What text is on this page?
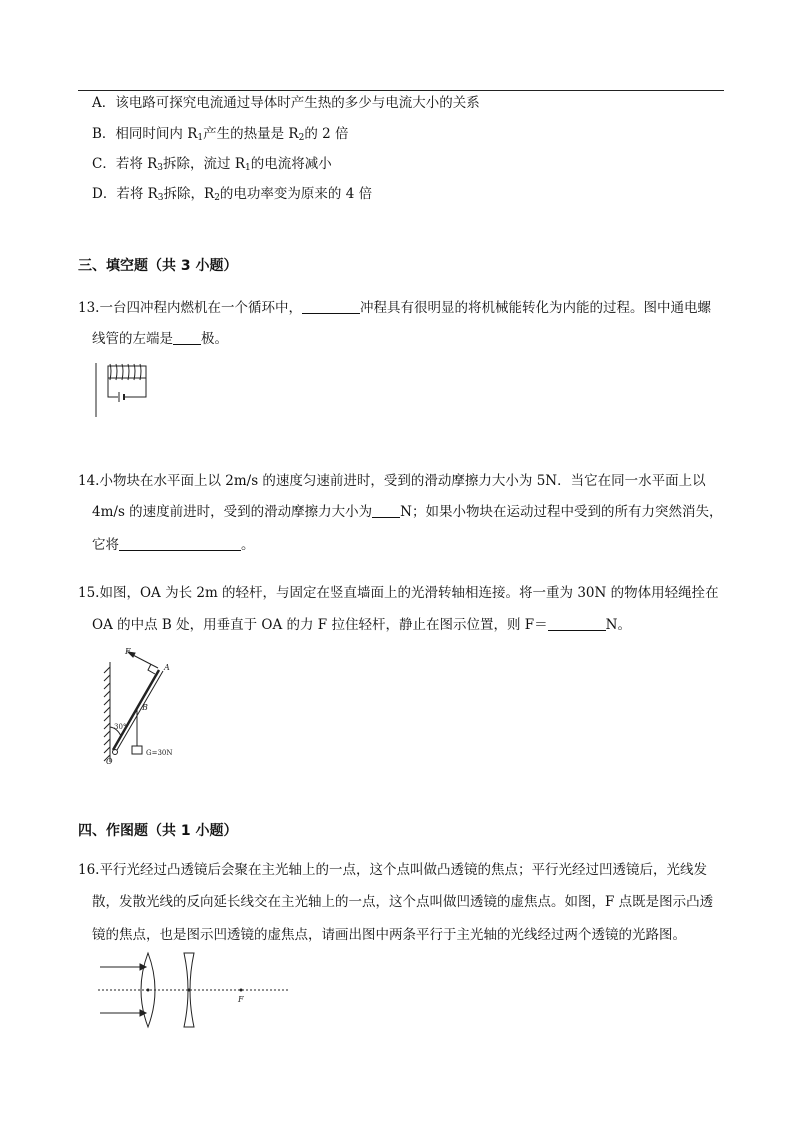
A．该电路可探究电流通过导体时产生热的多少与电流大小的关系
B．相同时间内 $R_1$产生的热量是 $R_2$的 2 倍
C．若将 $R_3$拆除，流过 $R_1$的电流将减小
D．若将 $R_3$拆除，$R_2$的电功率变为原来的 4 倍
三、填空题（共 3 小题）
13.一台四冲程内燃机在一个循环中，	冲程具有很明显的将机械能转化为内能的过程。图中通电螺
线管的左端是 极。
14.小物块在水平面上以 2m/s 的速度匀速前进时，受到的滑动摩擦力大小为 5N．当它在同一水平面上以
4m/s 的速度前进时，受到的滑动摩擦力大小为 N；如果小物块在运动过程中受到的所有力突然消失，
它将	。
15.如图，OA 为长 2m 的轻杆，与固定在竖直墙面上的光滑转轴相连接。将一重为 30N 的物体用轻绳拴在
OA 的中点 B 处，用垂直于 OA 的力 F 拉住轻杆，静止在图示位置，则 F＝	N。
F
A
B
30°
O
G=30N
四、作图题（共 1 小题）
16.平行光经过凸透镜后会聚在主光轴上的一点，这个点叫做凸透镜的焦点；平行光经过凹透镜后，光线发
散，发散光线的反向延长线交在主光轴上的一点，这个点叫做凹透镜的虚焦点。如图，F 点既是图示凸透
镜的焦点，也是图示凹透镜的虚焦点，请画出图中两条平行于主光轴的光线经过两个透镜的光路图。
F
